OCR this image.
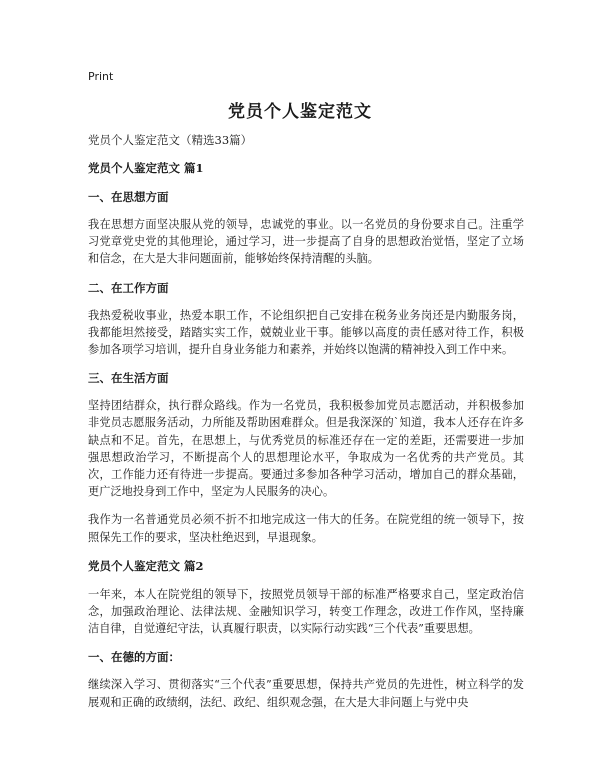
Print
党员个人鉴定范文

党员个人鉴定范文（精选33篇）

党员个人鉴定范文 篇1

一、在思想方面

我在思想方面坚决服从党的领导，忠诚党的事业。以一名党员的身份要求自己。注重学习党章党史党的其他理论，通过学习，进一步提高了自身的思想政治觉悟，坚定了立场和信念，在大是大非问题面前，能够始终保持清醒的头脑。

二、在工作方面

我热爱税收事业，热爱本职工作，不论组织把自己安排在税务业务岗还是内勤服务岗，我都能坦然接受，踏踏实实工作，兢兢业业干事。能够以高度的责任感对待工作，积极参加各项学习培训，提升自身业务能力和素养，并始终以饱满的精神投入到工作中来。

三、在生活方面

坚持团结群众，执行群众路线。作为一名党员，我积极参加党员志愿活动，并积极参加非党员志愿服务活动，力所能及帮助困难群众。但是我深深的`知道，我本人还存在许多缺点和不足。首先，在思想上，与优秀党员的标准还存在一定的差距，还需要进一步加强思想政治学习，不断提高个人的思想理论水平，争取成为一名优秀的共产党员。其次，工作能力还有待进一步提高。要通过多参加各种学习活动，增加自己的群众基础，更广泛地投身到工作中，坚定为人民服务的决心。

我作为一名普通党员必须不折不扣地完成这一伟大的任务。在院党组的统一领导下，按照保先工作的要求，坚决杜绝迟到，早退现象。

党员个人鉴定范文 篇2

一年来，本人在院党组的领导下，按照党员领导干部的标准严格要求自己，坚定政治信念，加强政治理论、法律法规、金融知识学习，转变工作理念，改进工作作风，坚持廉洁自律，自觉遵纪守法，认真履行职责，以实际行动实践“三个代表”重要思想。

一、在德的方面：

继续深入学习、贯彻落实“三个代表”重要思想，保持共产党员的先进性，树立科学的发展观和正确的政绩纲，法纪、政纪、组织观念强，在大是大非问题上与党中央
